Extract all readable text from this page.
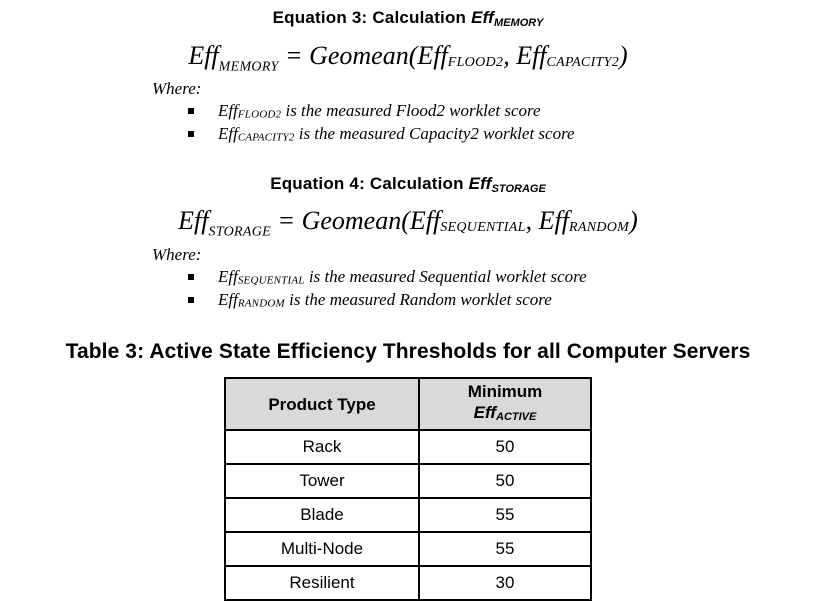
Equation 3: Calculation Eff$_{MEMORY}$
Eff$_{MEMORY}$ = Geomean(Eff$_{FLOOD2}$, Eff$_{CAPACITY2}$)
Where:
Eff$_{FLOOD2}$ is the measured Flood2 worklet score
Eff$_{CAPACITY2}$ is the measured Capacity2 worklet score
Equation 4: Calculation Eff$_{STORAGE}$
Eff$_{STORAGE}$ = Geomean(Eff$_{SEQUENTIAL}$, Eff$_{RANDOM}$)
Where:
Eff$_{SEQUENTIAL}$ is the measured Sequential worklet score
Eff$_{RANDOM}$ is the measured Random worklet score
Table 3: Active State Efficiency Thresholds for all Computer Servers
Product Type	Minimum
Eff$_{ACTIVE}$
Rack	50
Tower	50
Blade	55
Multi-Node	55
Resilient	30
